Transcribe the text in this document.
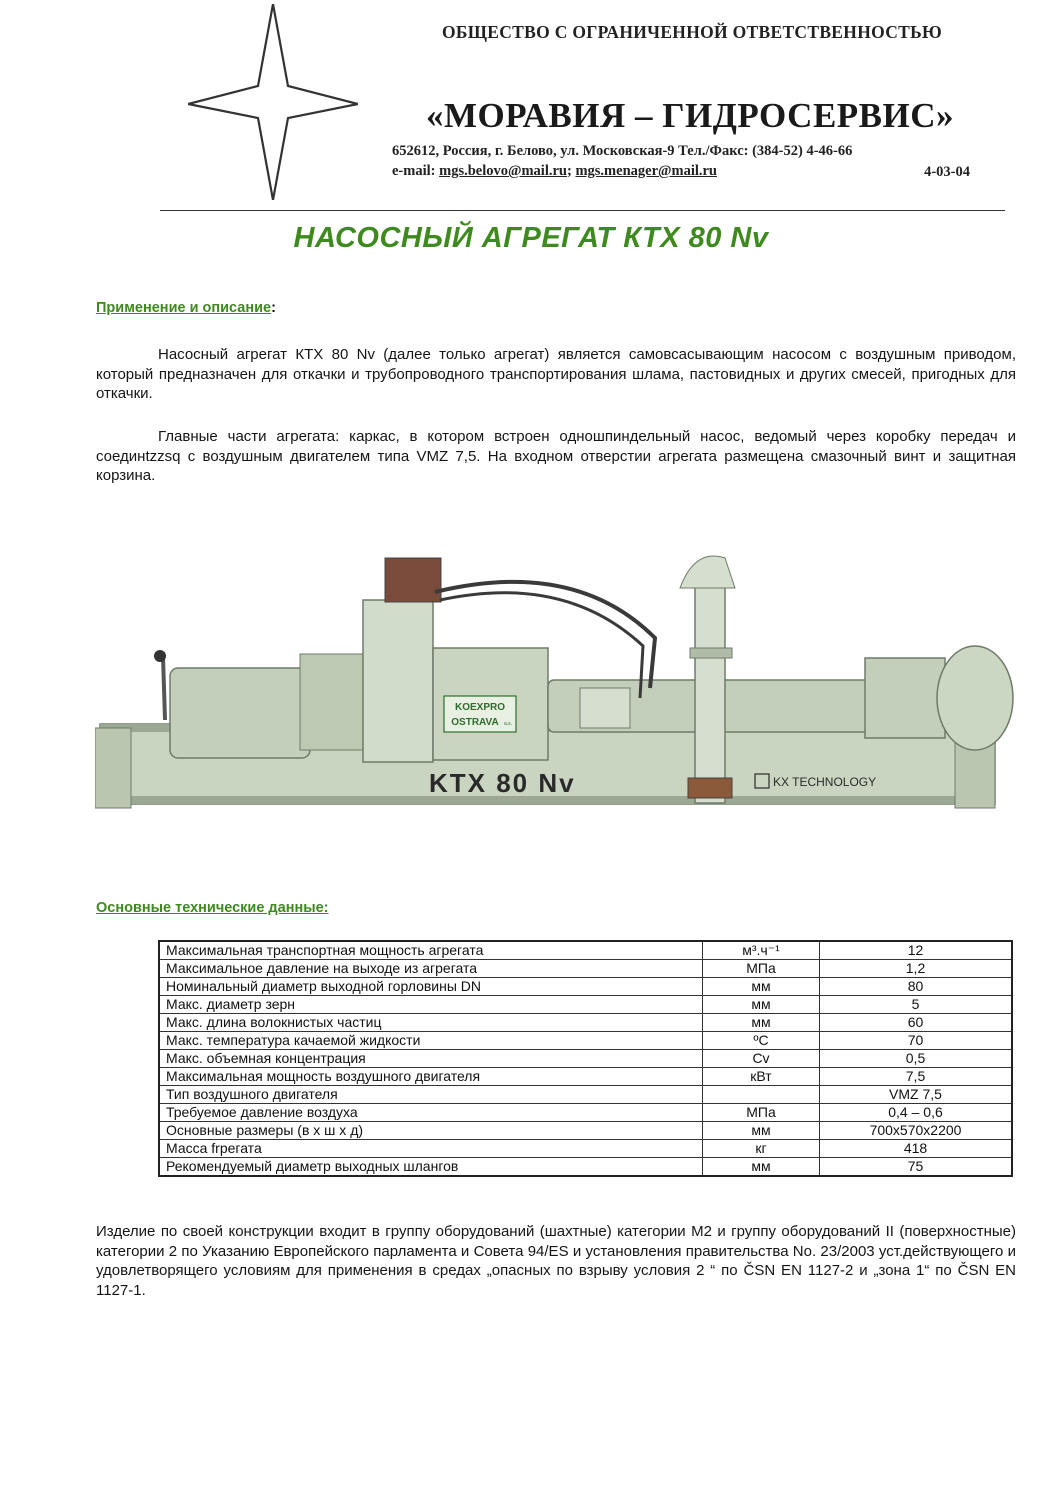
ОБЩЕСТВО С ОГРАНИЧЕННОЙ ОТВЕТСТВЕННОСТЬЮ
«МОРАВИЯ – ГИДРОСЕРВИС»
652612, Россия, г. Белово, ул. Московская-9 Тел./Факс: (384-52) 4-46-66
e-mail: mgs.belovo@mail.ru; mgs.menager@mail.ru	4-03-04
НАСОСНЫЙ АГРЕГАТ КТХ 80 Nv
Применение и описание:
Насосный агрегат КТХ 80 Nv (далее только агрегат) является самовсасывающим насосом с воздушным приводом, который предназначен для откачки и трубопроводного транспортирования шлама, пастовидных и других смесей, пригодных для откачки.
Главные части агрегата: каркас, в котором встроен одношпиндельный насос, ведомый через коробку передач и соединtzzsq с воздушным двигателем типа VMZ 7,5. На входном отверстии агрегата размещена смазочный винт и защитная корзина.
KOEXPRO
OSTRAVA a.s.
KTX 80 Nv	KX TECHNOLOGY
Основные технические данные:
Максимальная транспортная мощность агрегата	м³.ч⁻¹	12
Максимальное давление на выходе из агрегата	МПа	1,2
Номинальный диаметр выходной горловины DN	мм	80
Макс. диаметр зерн	мм	5
Макс. длина волокнистых частиц	мм	60
Макс. температура качаемой жидкости	ºС	70
Макс. объемная концентрация	Cv	0,5
Максимальная мощность воздушного двигателя	кВт	7,5
Тип воздушного двигателя		VMZ 7,5
Требуемое давление воздуха	МПа	0,4 – 0,6
Основные размеры (в х ш х д)	мм	700х570х2200
Масса frрегата	кг	418
Рекомендуемый диаметр выходных шлангов	мм	75
Изделие по своей конструкции входит в группу оборудований (шахтные) категории М2 и группу оборудований II (поверхностные) категории 2 по Указанию Европейского парламента и Совета 94/ES и установления правительства No. 23/2003 уст.действующего и удовлетворящего условиям для применения в средах „опасных по взрыву условия 2 “ по ČSN EN 1127-2 и „зона 1“ по ČSN EN 1127-1.
